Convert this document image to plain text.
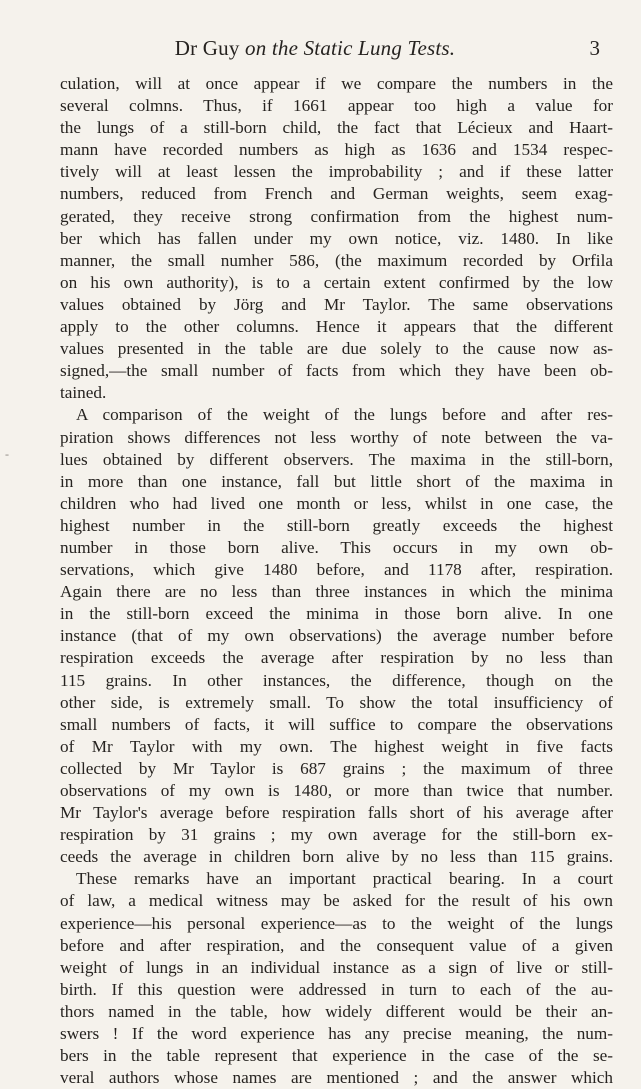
Dr Guy on the Static Lung Tests.	3
‐
culation, will at once appear if we compare the numbers in the
several colmns. Thus, if 1661 appear too high a value for
the lungs of a still-born child, the fact that Lécieux and Haart-
mann have recorded numbers as high as 1636 and 1534 respec-
tively will at least lessen the improbability ; and if these latter
numbers, reduced from French and German weights, seem exag-
gerated, they receive strong confirmation from the highest num-
ber which has fallen under my own notice, viz. 1480. In like
manner, the small numher 586, (the maximum recorded by Orfila
on his own authority), is to a certain extent confirmed by the low
values obtained by Jörg and Mr Taylor. The same observations
apply to the other columns. Hence it appears that the different
values presented in the table are due solely to the cause now as-
signed,—the small number of facts from which they have been ob-
tained.
A comparison of the weight of the lungs before and after res-
piration shows differences not less worthy of note between the va-
lues obtained by different observers. The maxima in the still-born,
in more than one instance, fall but little short of the maxima in
children who had lived one month or less, whilst in one case, the
highest number in the still-born greatly exceeds the highest
number in those born alive. This occurs in my own ob-
servations, which give 1480 before, and 1178 after, respiration.
Again there are no less than three instances in which the minima
in the still-born exceed the minima in those born alive. In one
instance (that of my own observations) the average number before
respiration exceeds the average after respiration by no less than
115 grains. In other instances, the difference, though on the
other side, is extremely small. To show the total insufficiency of
small numbers of facts, it will suffice to compare the observations
of Mr Taylor with my own. The highest weight in five facts
collected by Mr Taylor is 687 grains ; the maximum of three
observations of my own is 1480, or more than twice that number.
Mr Taylor's average before respiration falls short of his average after
respiration by 31 grains ; my own average for the still-born ex-
ceeds the average in children born alive by no less than 115 grains.
These remarks have an important practical bearing. In a court
of law, a medical witness may be asked for the result of his own
experience—his personal experience—as to the weight of the lungs
before and after respiration, and the consequent value of a given
weight of lungs in an individual instance as a sign of live or still-
birth. If this question were addressed in turn to each of the au-
thors named in the table, how widely different would be their an-
swers ! If the word experience has any precise meaning, the num-
bers in the table represent that experience in the case of the se-
veral authors whose names are mentioned ; and the answer which
